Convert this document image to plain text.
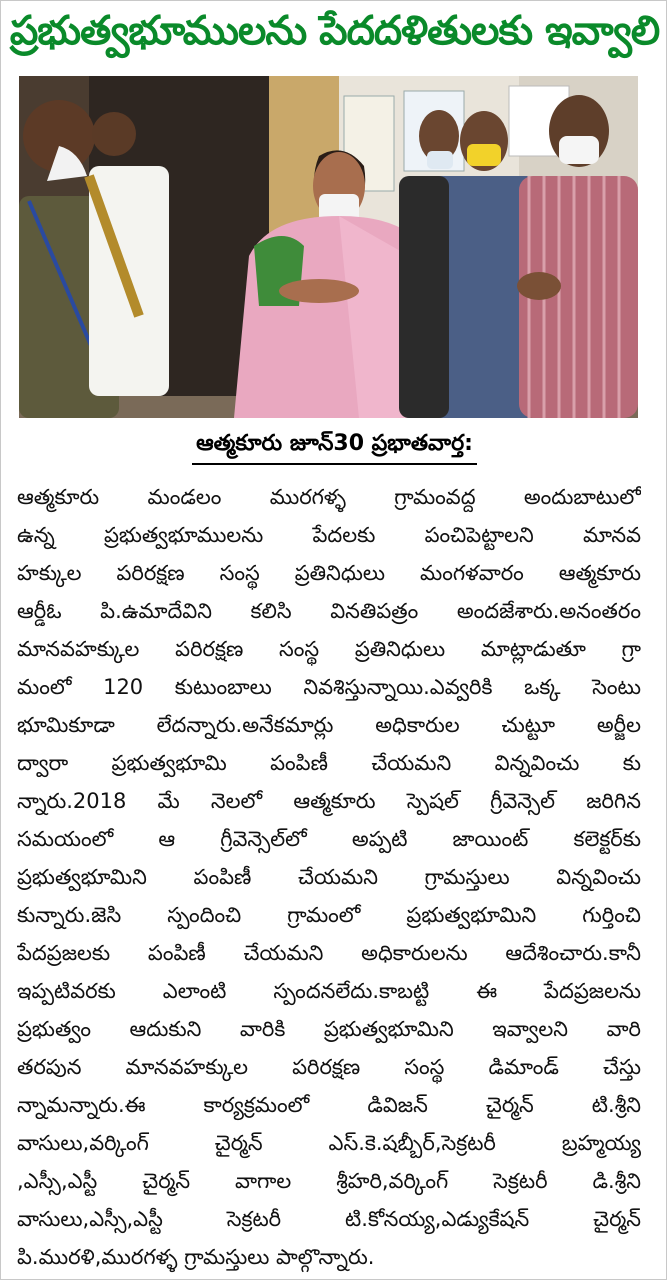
ప్రభుత్వభూములను పేదదళితులకు ఇవ్వాలి
ఆత్మకూరు జూన్30 ప్రభాతవార్త:
ఆత్మకూరు మండలం మురగళ్ళ గ్రామంవద్ద అందుబాటులో
ఉన్న ప్రభుత్వభూములను పేదలకు పంచిపెట్టాలని మానవ
హక్కుల పరిరక్షణ సంస్థ ప్రతినిధులు మంగళవారం ఆత్మకూరు
ఆర్డీఓ పి.ఉమాదేవిని కలిసి వినతిపత్రం అందజేశారు.అనంతరం
మానవహక్కుల పరిరక్షణ సంస్థ ప్రతినిధులు మాట్లాడుతూ గ్రా
మంలో 120 కుటుంబాలు నివశిస్తున్నాయి.ఎవ్వరికి ఒక్క సెంటు
భూమికూడా లేదన్నారు.అనేకమార్లు అధికారుల చుట్టూ అర్జీల
ద్వారా ప్రభుత్వభూమి పంపిణీ చేయమని విన్నవించు కు
న్నారు.2018 మే నెలలో ఆత్మకూరు స్పెషల్ గ్రీవెన్సెల్ జరిగిన
సమయంలో ఆ గ్రీవెన్సెల్‌లో అప్పటి జాయింట్ కలెక్టర్‌కు
ప్రభుత్వభూమిని పంపిణీ చేయమని గ్రామస్తులు విన్నవించు
కున్నారు.జెసి స్పందించి గ్రామంలో ప్రభుత్వభూమిని గుర్తించి
పేదప్రజలకు పంపిణీ చేయమని అధికారులను ఆదేశించారు.కానీ
ఇప్పటివరకు ఎలాంటి స్పందనలేదు.కాబట్టి ఈ పేదప్రజలను
ప్రభుత్వం ఆదుకుని వారికి ప్రభుత్వభూమిని ఇవ్వాలని వారి
తరపున మానవహక్కుల పరిరక్షణ సంస్థ డిమాండ్ చేస్తు
న్నామన్నారు.ఈ కార్యక్రమంలో డివిజన్ చైర్మన్ టి.శ్రీని
వాసులు,వర్కింగ్ చైర్మన్ ఎస్.కె.షబ్బీర్,సెక్రటరీ బ్రహ్మయ్య
,ఎస్సీ,ఎస్టీ చైర్మన్ వాగాల శ్రీహరి,వర్కింగ్ సెక్రటరీ డి.శ్రీని
వాసులు,ఎస్సీ,ఎస్టీ సెక్రటరీ టి.కోనయ్య,ఎడ్యుకేషన్ చైర్మన్
పి.మురళి,మురగళ్ళ గ్రామస్తులు పాల్గొన్నారు.
